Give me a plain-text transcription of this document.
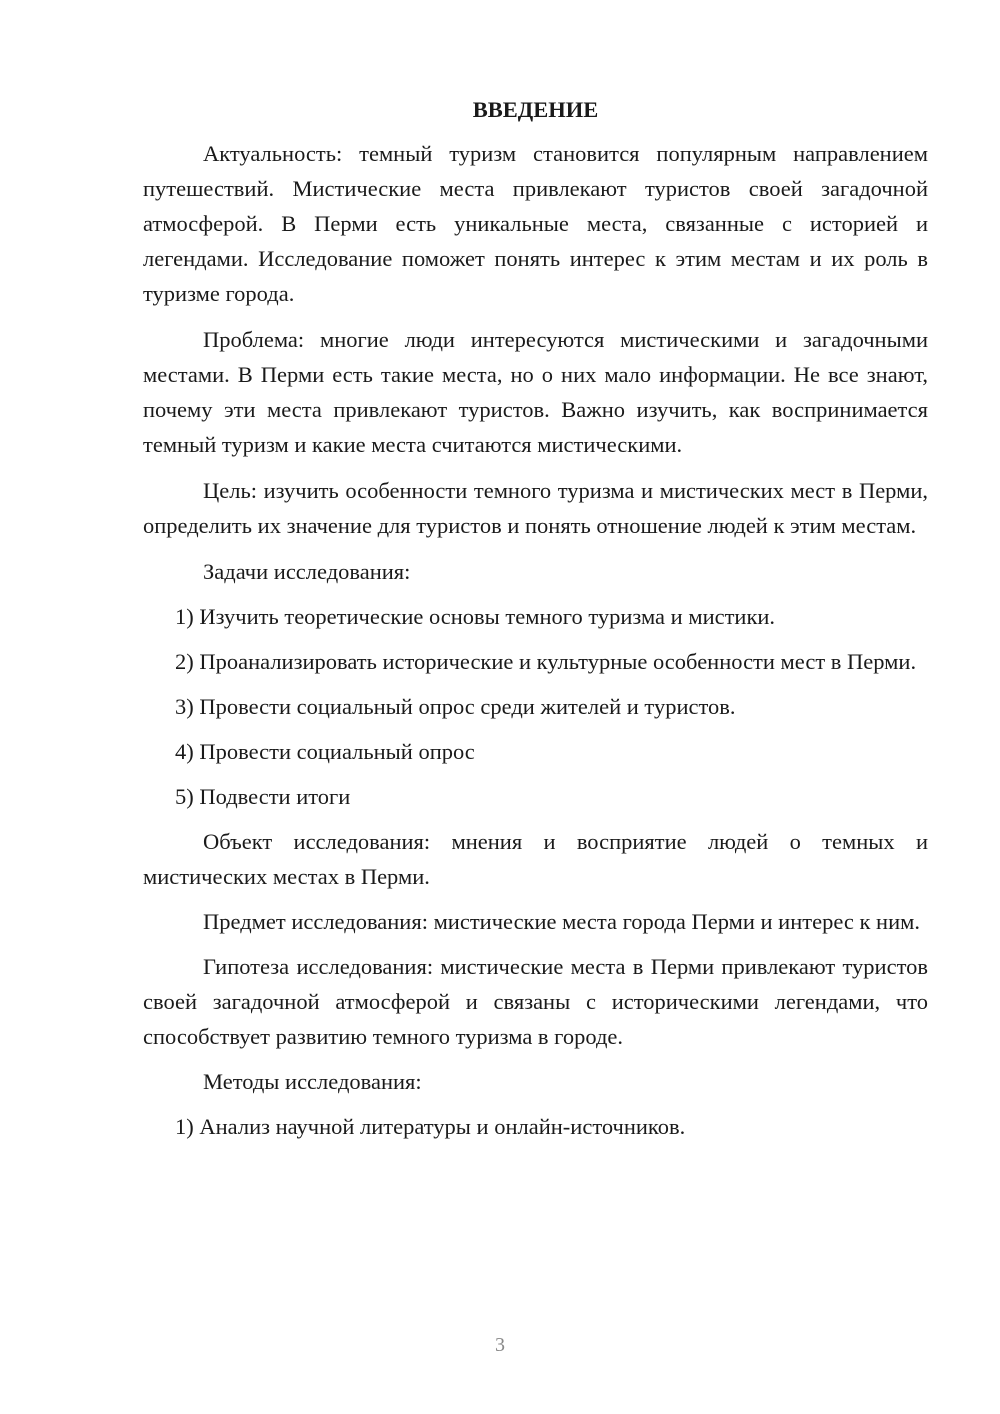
ВВЕДЕНИЕ

Актуальность: темный туризм становится популярным направлением путешествий. Мистические места привлекают туристов своей загадочной атмосферой. В Перми есть уникальные места, связанные с историей и легендами. Исследование поможет понять интерес к этим местам и их роль в туризме города.

Проблема: многие люди интересуются мистическими и загадочными местами. В Перми есть такие места, но о них мало информации. Не все знают, почему эти места привлекают туристов. Важно изучить, как воспринимается темный туризм и какие места считаются мистическими.

Цель: изучить особенности темного туризма и мистических мест в Перми, определить их значение для туристов и понять отношение людей к этим местам.

Задачи исследования:

1) Изучить теоретические основы темного туризма и мистики.

2) Проанализировать исторические и культурные особенности мест в Перми.

3) Провести социальный опрос среди жителей и туристов.

4) Провести социальный опрос

5) Подвести итоги

Объект исследования: мнения и восприятие людей о темных и мистических местах в Перми.

Предмет исследования: мистические места города Перми и интерес к ним.

Гипотеза исследования: мистические места в Перми привлекают туристов своей загадочной атмосферой и связаны с историческими легендами, что способствует развитию темного туризма в городе.

Методы исследования:

1) Анализ научной литературы и онлайн-источников.

3
